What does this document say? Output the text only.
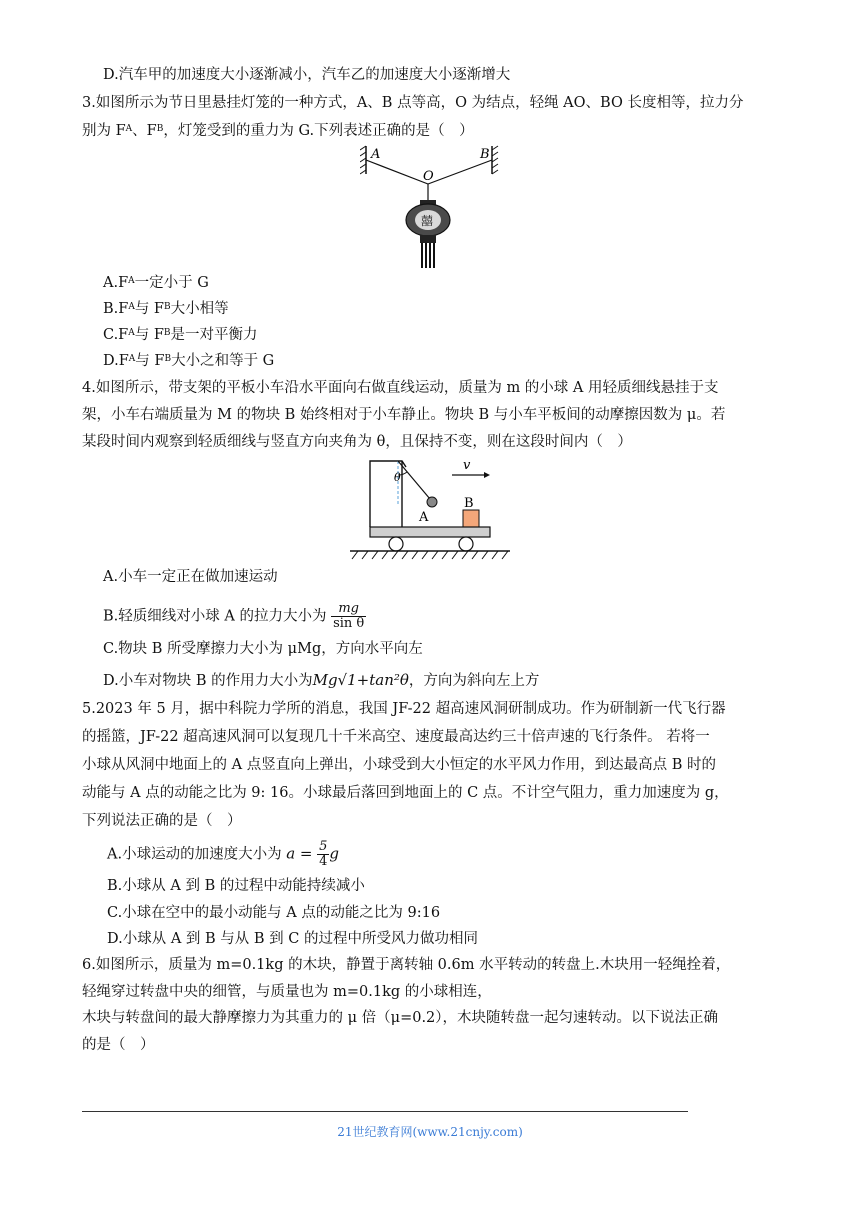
D.汽车甲的加速度大小逐渐减小，汽车乙的加速度大小逐渐增大
3.如图所示为节日里悬挂灯笼的一种方式，A、B 点等高，O 为结点，轻绳 AO、BO 长度相等，拉力分
别为 $F^A$、$F^B$，灯笼受到的重力为 G.下列表述正确的是（　）
A	B
O
囍
$A.F^A$一定小于 G
$B.F^A$与 $F^B$大小相等
$C.F^A$与 $F^B$是一对平衡力
$D.F^A$与 $F^B$大小之和等于 G
4.如图所示，带支架的平板小车沿水平面向右做直线运动，质量为 m 的小球 A 用轻质细线悬挂于支
架，小车右端质量为 M 的物块 B 始终相对于小车静止。物块 B 与小车平板间的动摩擦因数为 μ。若
某段时间内观察到轻质细线与竖直方向夹角为 θ，且保持不变，则在这段时间内（　）
θ
A
v
B
A.小车一定正在做加速运动
B.轻质细线对小球 A 的拉力大小为 $\frac{mg}{\text{sin θ}}$
C.物块 B 所受摩擦力大小为 μMg，方向水平向左
D.小车对物块 B 的作用力大小为Mg√1+tan²θ，方向为斜向左上方
5.2023 年 5 月，据中科院力学所的消息，我国 JF-22 超高速风洞研制成功。作为研制新一代飞行器
的摇篮，JF-22 超高速风洞可以复现几十千米高空、速度最高达约三十倍声速的飞行条件。 若将一
小球从风洞中地面上的 A 点竖直向上弹出，小球受到大小恒定的水平风力作用，到达最高点 B 时的
动能与 A 点的动能之比为 9: 16。小球最后落回到地面上的 C 点。不计空气阻力，重力加速度为 g，
下列说法正确的是（　）
A.小球运动的加速度大小为 $a = \frac{5}{4}$ g
B.小球从 A 到 B 的过程中动能持续减小
C.小球在空中的最小动能与 A 点的动能之比为 9:16
D.小球从 A 到 B 与从 B 到 C 的过程中所受风力做功相同
6.如图所示，质量为 m=0.1kg 的木块，静置于离转轴 0.6m 水平转动的转盘上.木块用一轻绳拴着，
轻绳穿过转盘中央的细管，与质量也为 m=0.1kg 的小球相连，
木块与转盘间的最大静摩擦力为其重力的 μ 倍（μ=0.2），木块随转盘一起匀速转动。以下说法正确
的是（　）
21世纪教育网(www.21cnjy.com)
